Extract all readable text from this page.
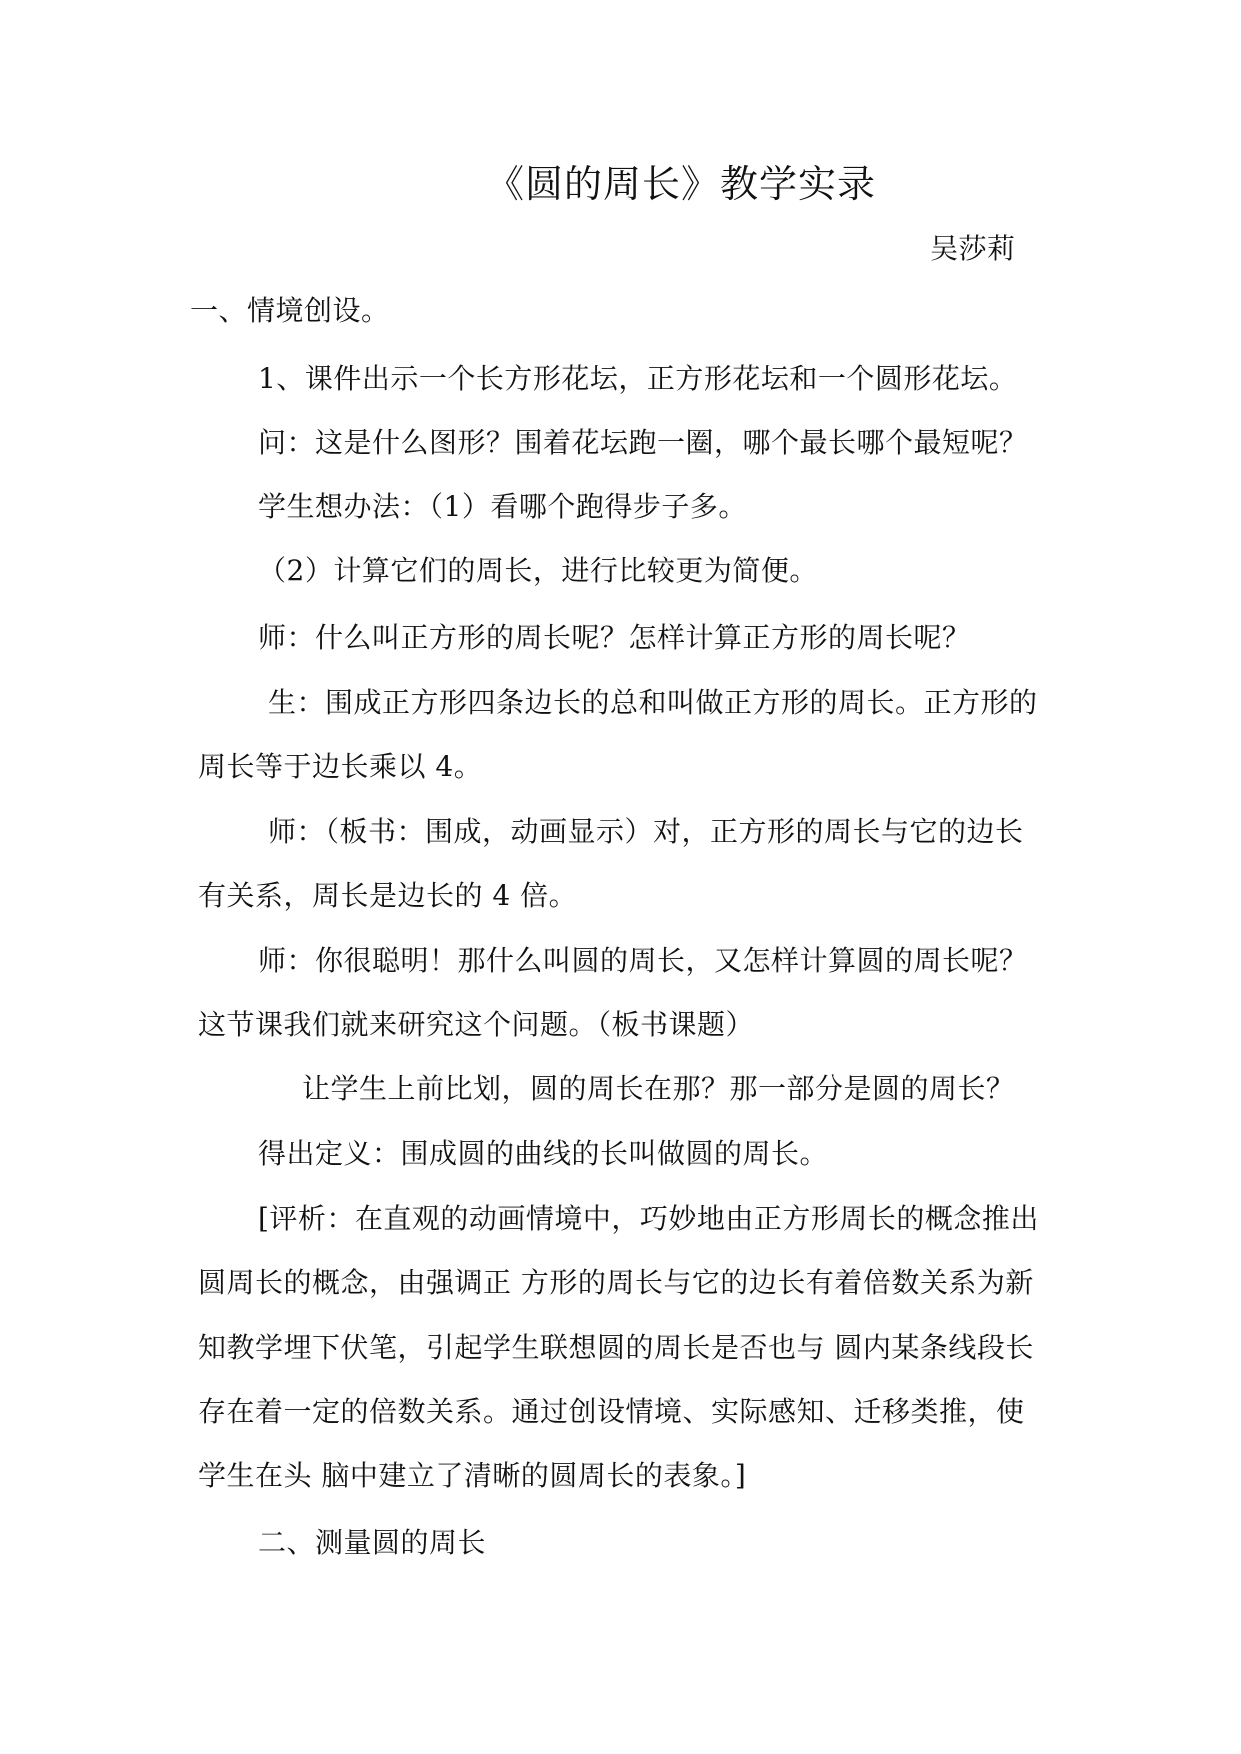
《圆的周长》教学实录
吴莎莉
一、情境创设。
1、课件出示一个长方形花坛，正方形花坛和一个圆形花坛。
问：这是什么图形？围着花坛跑一圈，哪个最长哪个最短呢？
学生想办法：（1）看哪个跑得步子多。
（2）计算它们的周长，进行比较更为简便。
师：什么叫正方形的周长呢？怎样计算正方形的周长呢？
生：围成正方形四条边长的总和叫做正方形的周长。正方形的
周长等于边长乘以 4。
师：（板书：围成，动画显示）对，正方形的周长与它的边长
有关系，周长是边长的 4 倍。
师：你很聪明！那什么叫圆的周长，又怎样计算圆的周长呢？
这节课我们就来研究这个问题。（板书课题）
让学生上前比划，圆的周长在那？那一部分是圆的周长？
得出定义：围成圆的曲线的长叫做圆的周长。
[评析：在直观的动画情境中，巧妙地由正方形周长的概念推出
圆周长的概念，由强调正 方形的周长与它的边长有着倍数关系为新
知教学埋下伏笔，引起学生联想圆的周长是否也与 圆内某条线段长
存在着一定的倍数关系。通过创设情境、实际感知、迁移类推，使
学生在头 脑中建立了清晰的圆周长的表象。]
二、测量圆的周长
